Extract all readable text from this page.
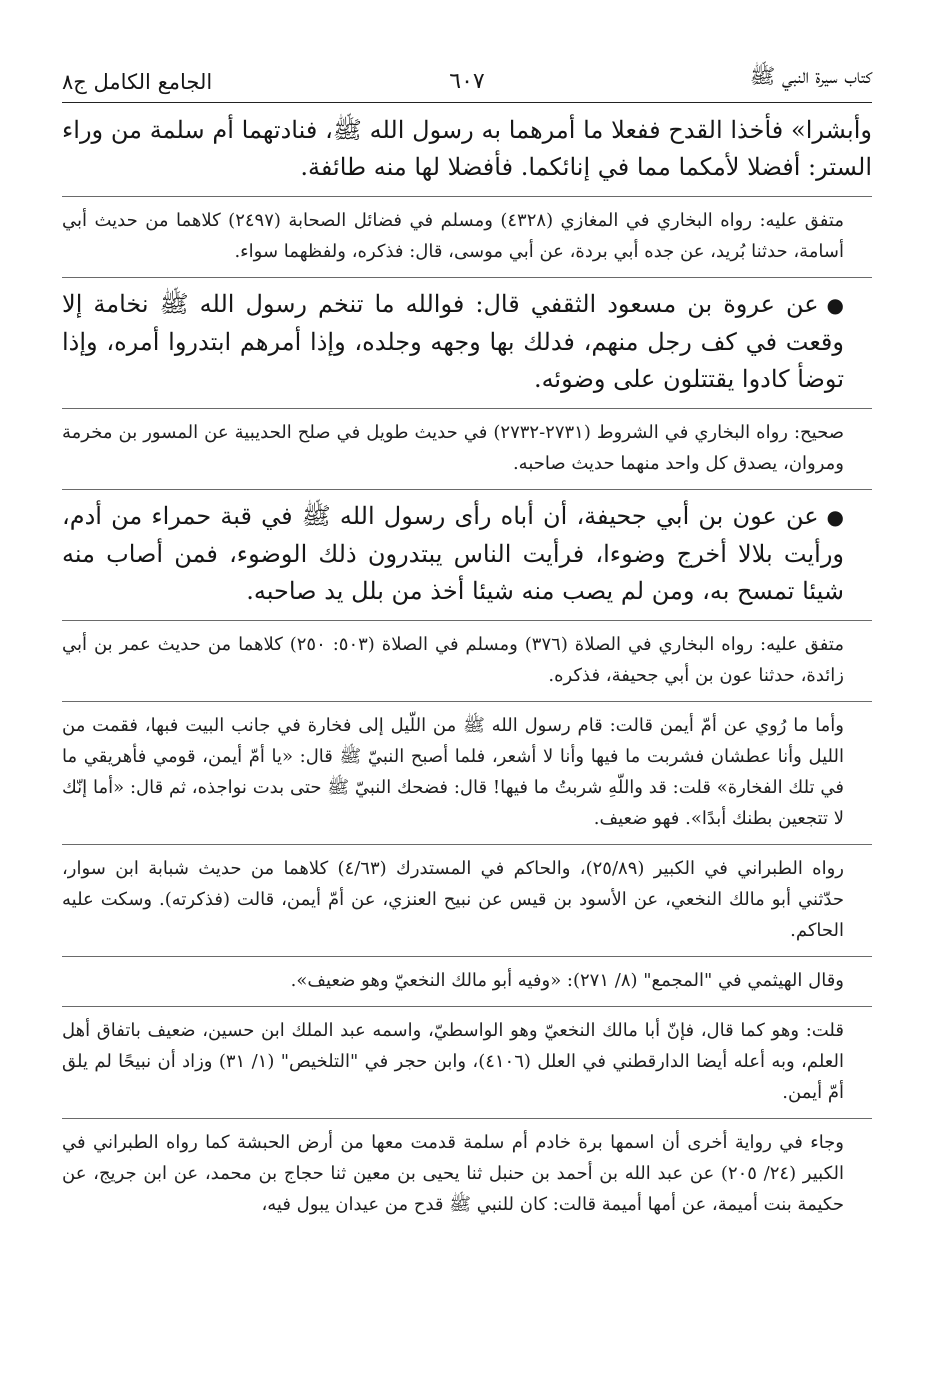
كتاب سيرة النبي ﷺ
٦٠٧
الجامع الكامل ج٨

وأبشرا» فأخذا القدح ففعلا ما أمرهما به رسول الله ﷺ، فنادتهما أم سلمة من وراء الستر: أفضلا لأمكما مما في إنائكما. فأفضلا لها منه طائفة.

متفق عليه: رواه البخاري في المغازي (٤٣٢٨) ومسلم في فضائل الصحابة (٢٤٩٧) كلاهما من حديث أبي أسامة، حدثنا بُريد، عن جده أبي بردة، عن أبي موسى، قال: فذكره، ولفظهما سواء.

●عن عروة بن مسعود الثقفي قال: فوالله ما تنخم رسول الله ﷺ نخامة إلا وقعت في كف رجل منهم، فدلك بها وجهه وجلده، وإذا أمرهم ابتدروا أمره، وإذا توضأ كادوا يقتتلون على وضوئه.

صحيح: رواه البخاري في الشروط (٢٧٣١-٢٧٣٢) في حديث طويل في صلح الحديبية عن المسور بن مخرمة ومروان، يصدق كل واحد منهما حديث صاحبه.

●عن عون بن أبي جحيفة، أن أباه رأى رسول الله ﷺ في قبة حمراء من أدم، ورأيت بلالا أخرج وضوءا، فرأيت الناس يبتدرون ذلك الوضوء، فمن أصاب منه شيئا تمسح به، ومن لم يصب منه شيئا أخذ من بلل يد صاحبه.

متفق عليه: رواه البخاري في الصلاة (٣٧٦) ومسلم في الصلاة (٥٠٣: ٢٥٠) كلاهما من حديث عمر بن أبي زائدة، حدثنا عون بن أبي جحيفة، فذكره.

وأما ما رُوي عن أمّ أيمن قالت: قام رسول الله ﷺ من اللّيل إلى فخارة في جانب البيت فبها، فقمت من الليل وأنا عطشان فشربت ما فيها وأنا لا أشعر، فلما أصبح النبيّ ﷺ قال: «يا أمّ أيمن، قومي فأهريقي ما في تلك الفخارة» قلت: قد واللّهِ شربتُ ما فيها! قال: فضحك النبيّ ﷺ حتى بدت نواجذه، ثم قال: «أما إنّك لا تتجعين بطنك أبدًا». فهو ضعيف.

رواه الطبراني في الكبير (٢٥/٨٩)، والحاكم في المستدرك (٤/٦٣) كلاهما من حديث شبابة ابن سوار، حدّثني أبو مالك النخعي، عن الأسود بن قيس عن نبيح العنزي، عن أمّ أيمن، قالت (فذكرته). وسكت عليه الحاكم.

وقال الهيثمي في "المجمع" (٨/ ٢٧١): «وفيه أبو مالك النخعيّ وهو ضعيف».

قلت: وهو كما قال، فإنّ أبا مالك النخعيّ وهو الواسطيّ، واسمه عبد الملك ابن حسين، ضعيف باتفاق أهل العلم، وبه أعله أيضا الدارقطني في العلل (٤١٠٦)، وابن حجر في "التلخيص" (١/ ٣١) وزاد أن نبيحًا لم يلق أمّ أيمن.

وجاء في رواية أخرى أن اسمها برة خادم أم سلمة قدمت معها من أرض الحبشة كما رواه الطبراني في الكبير (٢٤/ ٢٠٥) عن عبد الله بن أحمد بن حنبل ثنا يحيى بن معين ثنا حجاج بن محمد، عن ابن جريج، عن حكيمة بنت أميمة، عن أمها أميمة قالت: كان للنبي ﷺ قدح من عيدان يبول فيه،
